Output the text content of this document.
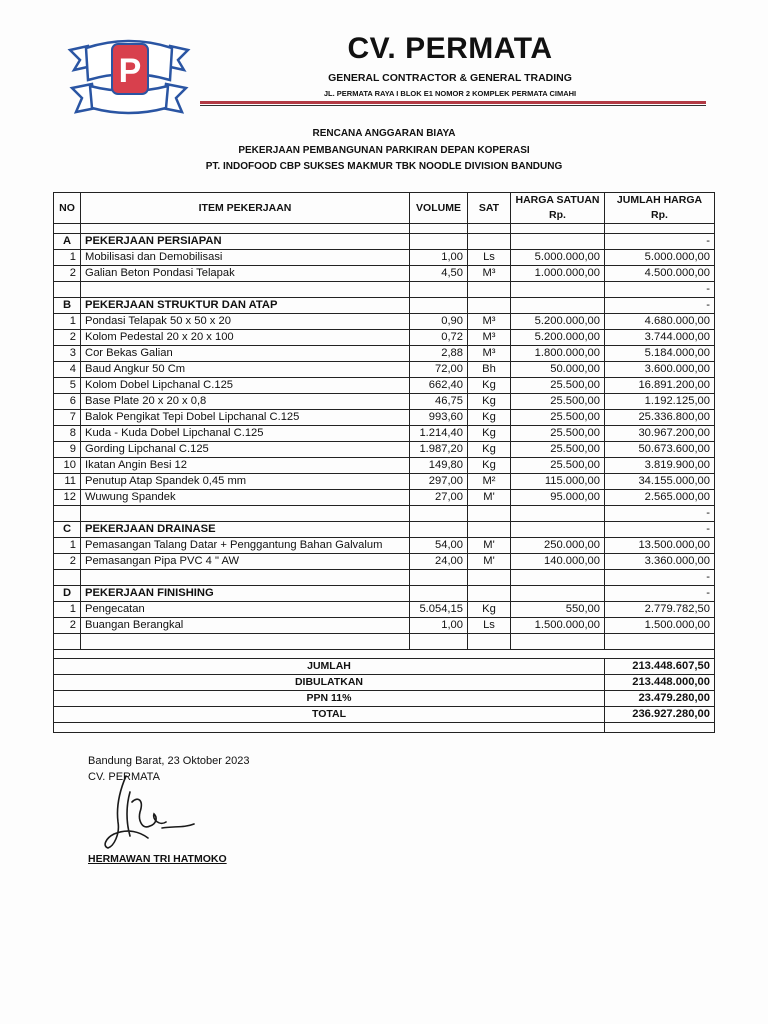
P
CV. PERMATA
GENERAL CONTRACTOR & GENERAL TRADING
JL. PERMATA RAYA I BLOK E1 NOMOR 2 KOMPLEK PERMATA CIMAHI
RENCANA ANGGARAN BIAYA
PEKERJAAN PEMBANGUNAN PARKIRAN DEPAN KOPERASI
PT. INDOFOOD CBP SUKSES MAKMUR TBK NOODLE DIVISION BANDUNG
NO	ITEM PEKERJAAN	VOLUME	SAT	HARGA SATUAN	JUMLAH HARGA
				Rp.	Rp.

A	PEKERJAAN PERSIAPAN				-
1	Mobilisasi dan Demobilisasi	1,00	Ls	5.000.000,00	5.000.000,00
2	Galian Beton Pondasi Telapak	4,50	M³	1.000.000,00	4.500.000,00
					-
B	PEKERJAAN STRUKTUR DAN ATAP				-
1	Pondasi Telapak 50 x 50 x 20	0,90	M³	5.200.000,00	4.680.000,00
2	Kolom Pedestal 20 x 20 x 100	0,72	M³	5.200.000,00	3.744.000,00
3	Cor Bekas Galian	2,88	M³	1.800.000,00	5.184.000,00
4	Baud Angkur 50 Cm	72,00	Bh	50.000,00	3.600.000,00
5	Kolom Dobel Lipchanal C.125	662,40	Kg	25.500,00	16.891.200,00
6	Base Plate 20 x 20 x 0,8	46,75	Kg	25.500,00	1.192.125,00
7	Balok Pengikat Tepi Dobel Lipchanal C.125	993,60	Kg	25.500,00	25.336.800,00
8	Kuda - Kuda Dobel Lipchanal C.125	1.214,40	Kg	25.500,00	30.967.200,00
9	Gording Lipchanal C.125	1.987,20	Kg	25.500,00	50.673.600,00
10	Ikatan Angin Besi 12	149,80	Kg	25.500,00	3.819.900,00
11	Penutup Atap Spandek 0,45 mm	297,00	M²	115.000,00	34.155.000,00
12	Wuwung Spandek	27,00	M'	95.000,00	2.565.000,00
					-
C	PEKERJAAN DRAINASE				-
1	Pemasangan Talang Datar + Penggantung Bahan Galvalum	54,00	M'	250.000,00	13.500.000,00
2	Pemasangan Pipa PVC 4 " AW	24,00	M'	140.000,00	3.360.000,00
					-
D	PEKERJAAN FINISHING				-
1	Pengecatan	5.054,15	Kg	550,00	2.779.782,50
2	Buangan Berangkal	1,00	Ls	1.500.000,00	1.500.000,00

JUMLAH					213.448.607,50
DIBULATKAN					213.448.000,00
PPN 11%					23.479.280,00
TOTAL					236.927.280,00

Bandung Barat, 23 Oktober 2023
CV. PERMATA
HERMAWAN TRI HATMOKO
